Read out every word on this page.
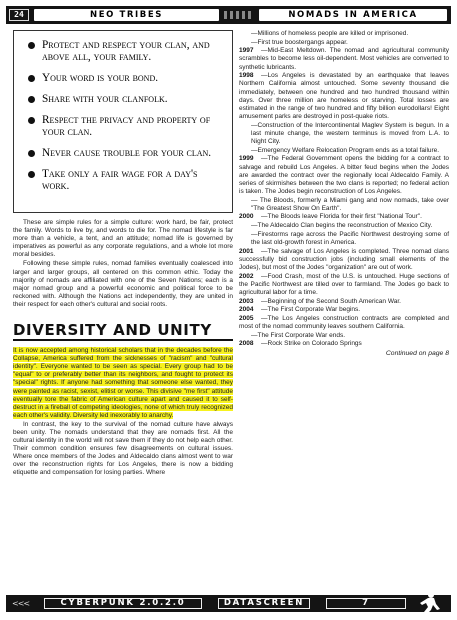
24	NEO TRIBES	NOMADS IN AMERICA
Protect and respect your clan, and above all, your family.
Your word is your bond.
Share with your clanfolk.
Respect the privacy and property of your clan.
Never cause trouble for your clan.
Take only a fair wage for a day's work.

These are simple rules for a simple culture: work hard, be fair, protect the family. Words to live by, and words to die for. The nomad lifestyle is far more than a vehicle, a tent, and an attitude; nomad life is governed by imperatives as powerful as any corporate regulations, and a whole lot more moral besides.

Following these simple rules, nomad families eventually coalesced into larger and larger groups, all centered on this common ethic. Today the majority of nomads are affiliated with one of the Seven Nations; each is a major nomad group and a powerful economic and political force to be reckoned with. Although the Nations act independently, they are united in their respect for each other's cultural and social roots.

DIVERSITY AND UNITY

It is now accepted among historical scholars that in the decades before the Collapse, America suffered from the sicknesses of "racism" and "cultural identity". Everyone wanted to be seen as special. Every group had to be "equal" to or preferably better than its neighbors, and fought to protect its "special" rights. If anyone had something that someone else wanted, they were painted as racist, sexist, elitist or worse. This divisive "me first" attitude eventually tore the fabric of American culture apart and caused it to self-destruct in a fireball of competing ideologies, none of which truly recognized each other's validity. Diversity led inexorably to anarchy.

In contrast, the key to the survival of the nomad culture have always been unity. The nomads understand that they are nomads first. All the cultural identity in the world will not save them if they do not help each other. Their common condition ensures few disagreements on cultural issues. Where once members of the Jodes and Aldecaldo clans almost went to war over the reconstruction rights for Los Angeles, there is now a bidding etiquette and compensation for losing parties. Where

—Millions of homeless people are killed or imprisoned.
—First true boostergangs appear.
1997 —Mid-East Meltdown. The nomad and agricultural community scrambles to become less oil-dependent. Most vehicles are converted to synthetic lubricants.
1998 —Los Angeles is devastated by an earthquake that leaves Northern California almost untouched. Some seventy thousand die immediately, between one hundred and two hundred thousand within days. Over three million are homeless or starving. Total losses are estimated in the range of two hundred and fifty billion eurodollars! Eight amusement parks are destroyed in post-quake riots.
—Construction of the Intercontinental Maglev System is begun. In a last minute change, the western terminus is moved from L.A. to Night City.
—Emergency Welfare Relocation Program ends as a total failure.
1999 —The Federal Government opens the bidding for a contract to salvage and rebuild Los Angeles. A bitter feud begins when the Jodes are awarded the contract over the regionally local Aldecaldo Family. A series of skirmishes between the two clans is reported; no federal action is taken. The Jodes begin reconstruction of Los Angeles.
— The Bloods, formerly a Miami gang and now nomads, take over "The Greatest Show On Earth".
2000 —The Bloods leave Florida for their first "National Tour".
—The Aldecaldo Clan begins the reconstruction of Mexico City.
—Firestorms rage across the Pacific Northwest destroying some of the last old-growth forest in America.
2001 —The salvage of Los Angeles is completed. Three nomad clans successfully bid construction jobs (including small elements of the Jodes), but most of the Jodes "organization" are out of work.
2002 —Food Crash, most of the U.S. is untouched. Huge sections of the Pacific Northwest are tilled over to farmland. The Jodes go back to agricultural labor for a time.
2003 —Beginning of the Second South American War.
2004 —The First Corporate War begins.
2005 —The Los Angeles construction contracts are completed and most of the nomad community leaves southern California.
—The First Corporate War ends.
2008 —Rock Strike on Colorado Springs
Continued on page 8
<<<	CYBERPUNK 2.0.2.0	DATASCREEN	7
